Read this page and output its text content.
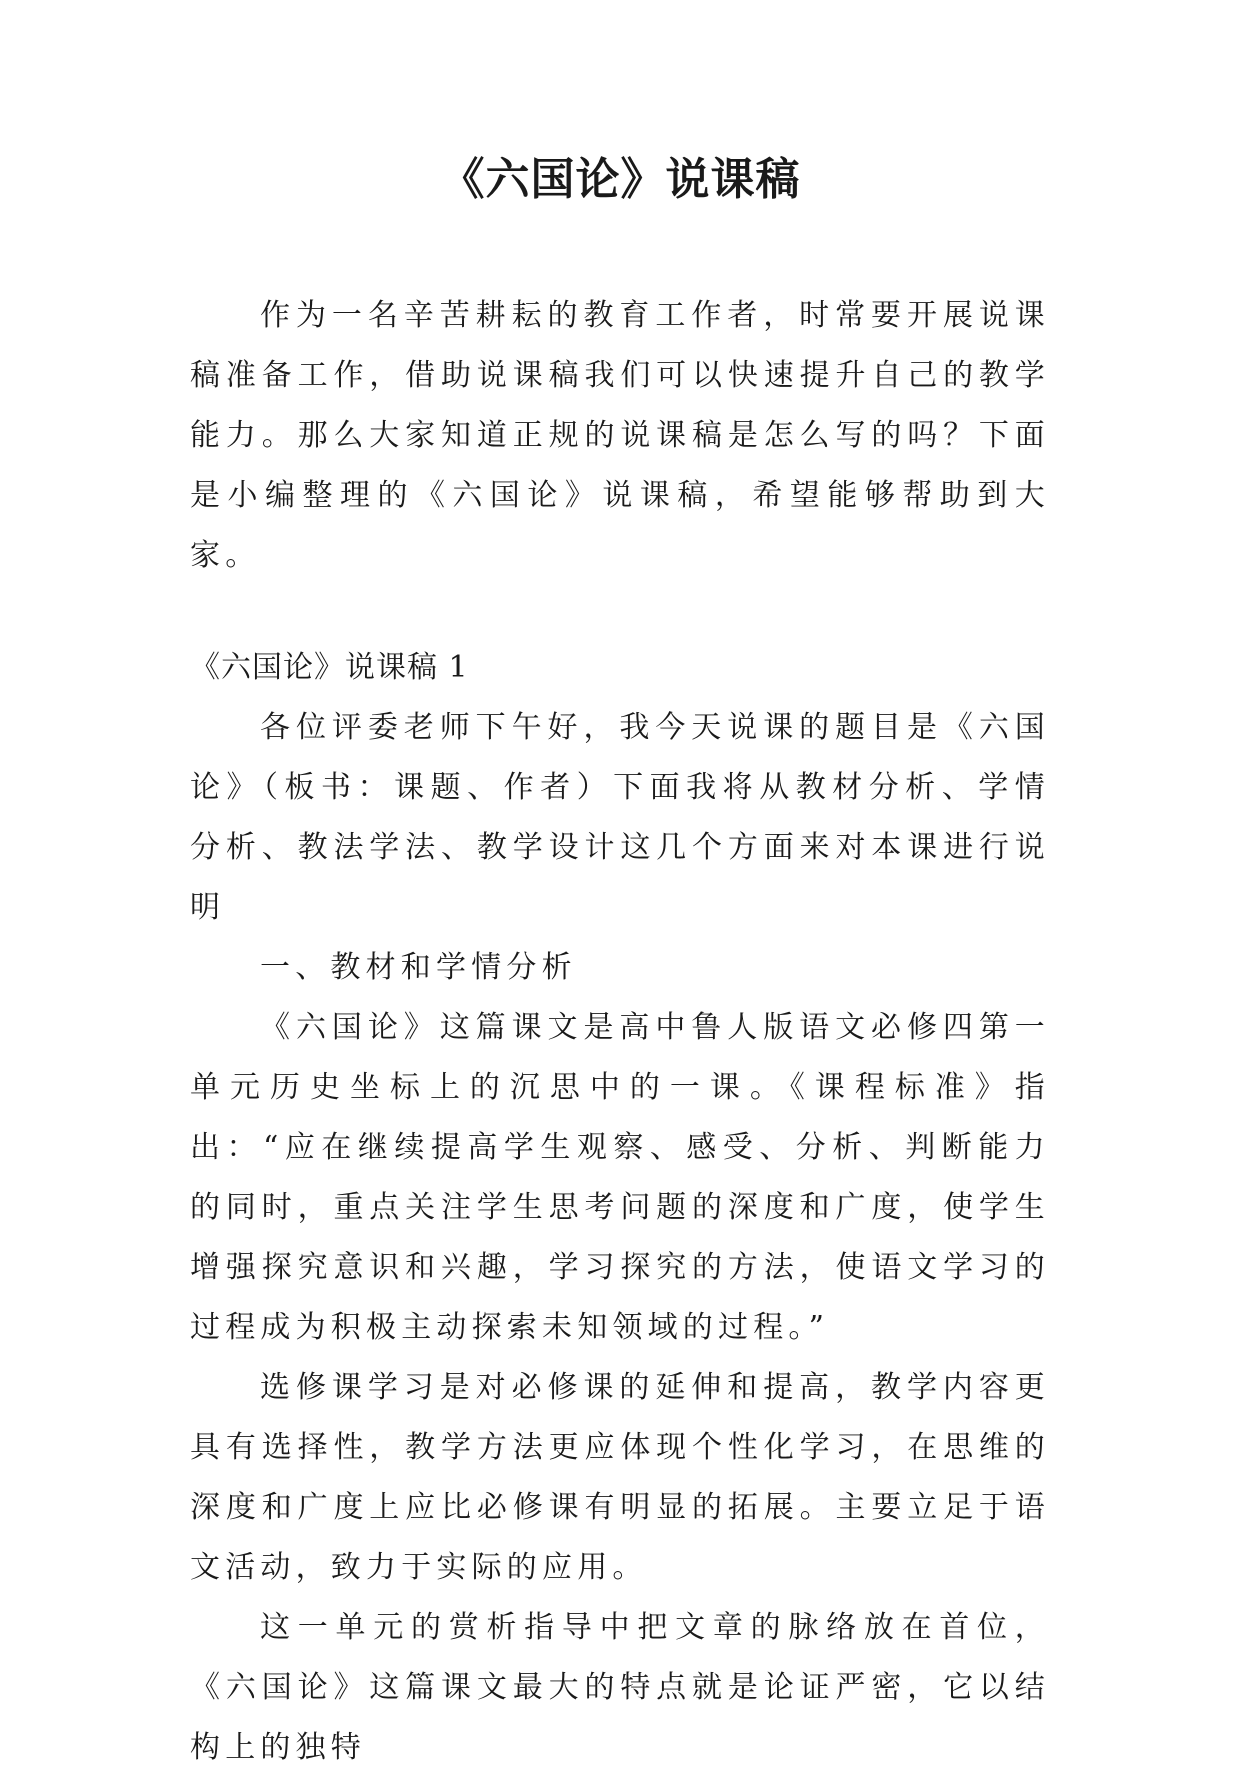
《六国论》说课稿

作为一名辛苦耕耘的教育工作者，时常要开展说课稿准备工作，借助说课稿我们可以快速提升自己的教学能力。那么大家知道正规的说课稿是怎么写的吗？下面是小编整理的《六国论》说课稿，希望能够帮助到大家。

《六国论》说课稿 1

各位评委老师下午好，我今天说课的题目是《六国论》（板书：课题、作者）下面我将从教材分析、学情分析、教法学法、教学设计这几个方面来对本课进行说明

一、教材和学情分析

《六国论》这篇课文是高中鲁人版语文必修四第一单元历史坐标上的沉思中的一课。《课程标准》指出：“应在继续提高学生观察、感受、分析、判断能力的同时，重点关注学生思考问题的深度和广度，使学生增强探究意识和兴趣，学习探究的方法，使语文学习的过程成为积极主动探索未知领域的过程。”

选修课学习是对必修课的延伸和提高，教学内容更具有选择性，教学方法更应体现个性化学习，在思维的深度和广度上应比必修课有明显的拓展。主要立足于语文活动，致力于实际的应用。

这一单元的赏析指导中把文章的脉络放在首位，《六国论》这篇课文最大的特点就是论证严密，它以结构上的独特
